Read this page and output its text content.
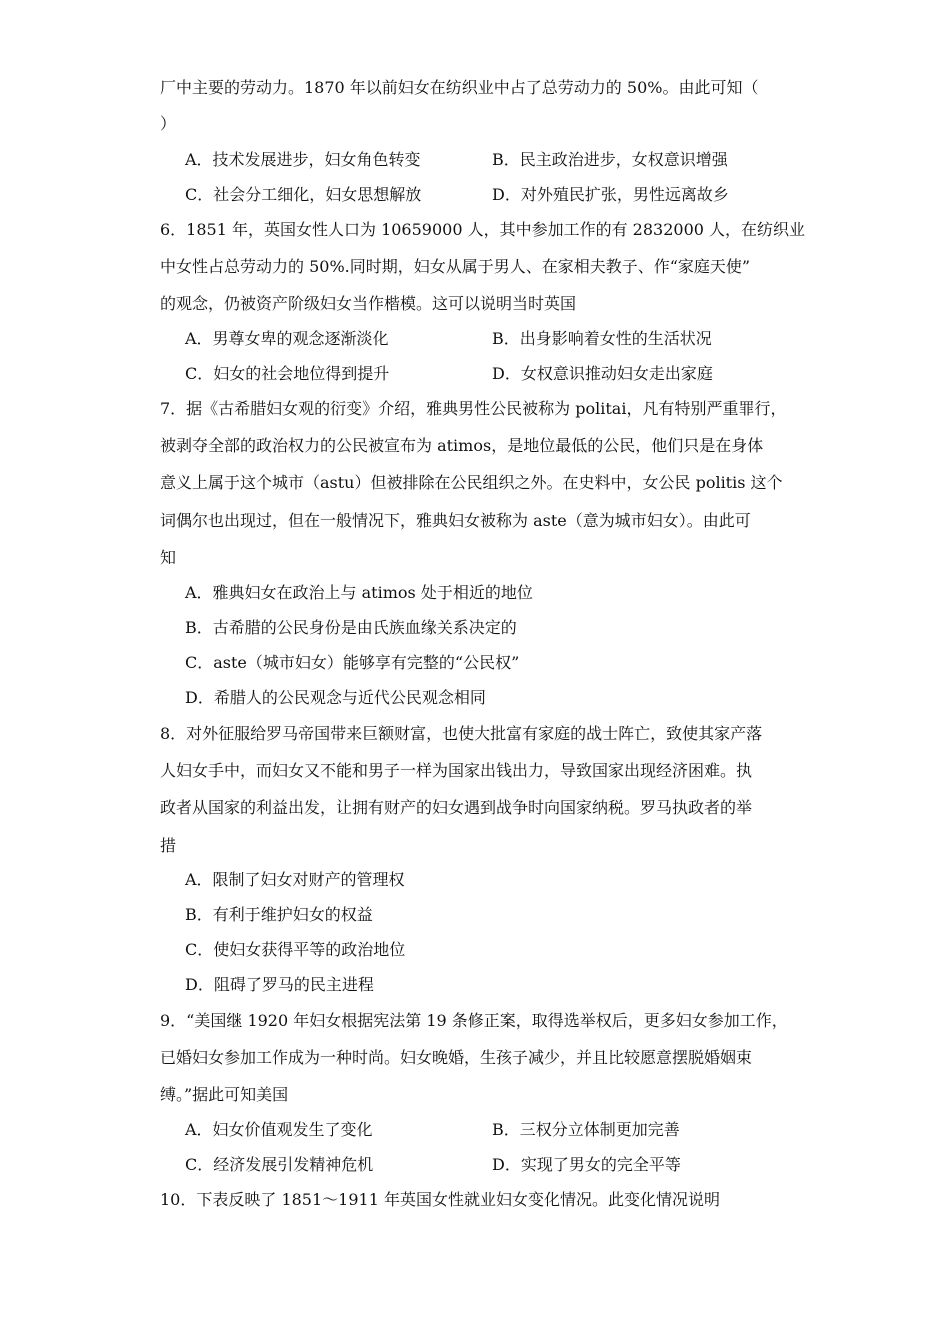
厂中主要的劳动力。1870 年以前妇女在纺织业中占了总劳动力的 50%。由此可知（
）
A．技术发展进步，妇女角色转变	B．民主政治进步，女权意识增强
C．社会分工细化，妇女思想解放	D．对外殖民扩张，男性远离故乡
6．1851 年，英国女性人口为 10659000 人，其中参加工作的有 2832000 人，在纺织业
中女性占总劳动力的 50%.同时期，妇女从属于男人、在家相夫教子、作“家庭天使”
的观念，仍被资产阶级妇女当作楷模。这可以说明当时英国
A．男尊女卑的观念逐渐淡化	B．出身影响着女性的生活状况
C．妇女的社会地位得到提升	D．女权意识推动妇女走出家庭
7．据《古希腊妇女观的衍变》介绍，雅典男性公民被称为 politai，凡有特别严重罪行，
被剥夺全部的政治权力的公民被宣布为 atimos，是地位最低的公民，他们只是在身体
意义上属于这个城市（astu）但被排除在公民组织之外。在史料中，女公民 politis 这个
词偶尔也出现过，但在一般情况下，雅典妇女被称为 aste（意为城市妇女）。由此可
知
A．雅典妇女在政治上与 atimos 处于相近的地位
B．古希腊的公民身份是由氏族血缘关系决定的
C．aste（城市妇女）能够享有完整的“公民权”
D．希腊人的公民观念与近代公民观念相同
8．对外征服给罗马帝国带来巨额财富，也使大批富有家庭的战士阵亡，致使其家产落
人妇女手中，而妇女又不能和男子一样为国家出钱出力，导致国家出现经济困难。执
政者从国家的利益出发，让拥有财产的妇女遇到战争时向国家纳税。罗马执政者的举
措
A．限制了妇女对财产的管理权
B．有利于维护妇女的权益
C．使妇女获得平等的政治地位
D．阻碍了罗马的民主进程
9．“美国继 1920 年妇女根据宪法第 19 条修正案，取得选举权后，更多妇女参加工作，
已婚妇女参加工作成为一种时尚。妇女晚婚，生孩子减少，并且比较愿意摆脱婚姻束
缚。”据此可知美国
A．妇女价值观发生了变化	B．三权分立体制更加完善
C．经济发展引发精神危机	D．实现了男女的完全平等
10．下表反映了 1851～1911 年英国女性就业妇女变化情况。此变化情况说明
